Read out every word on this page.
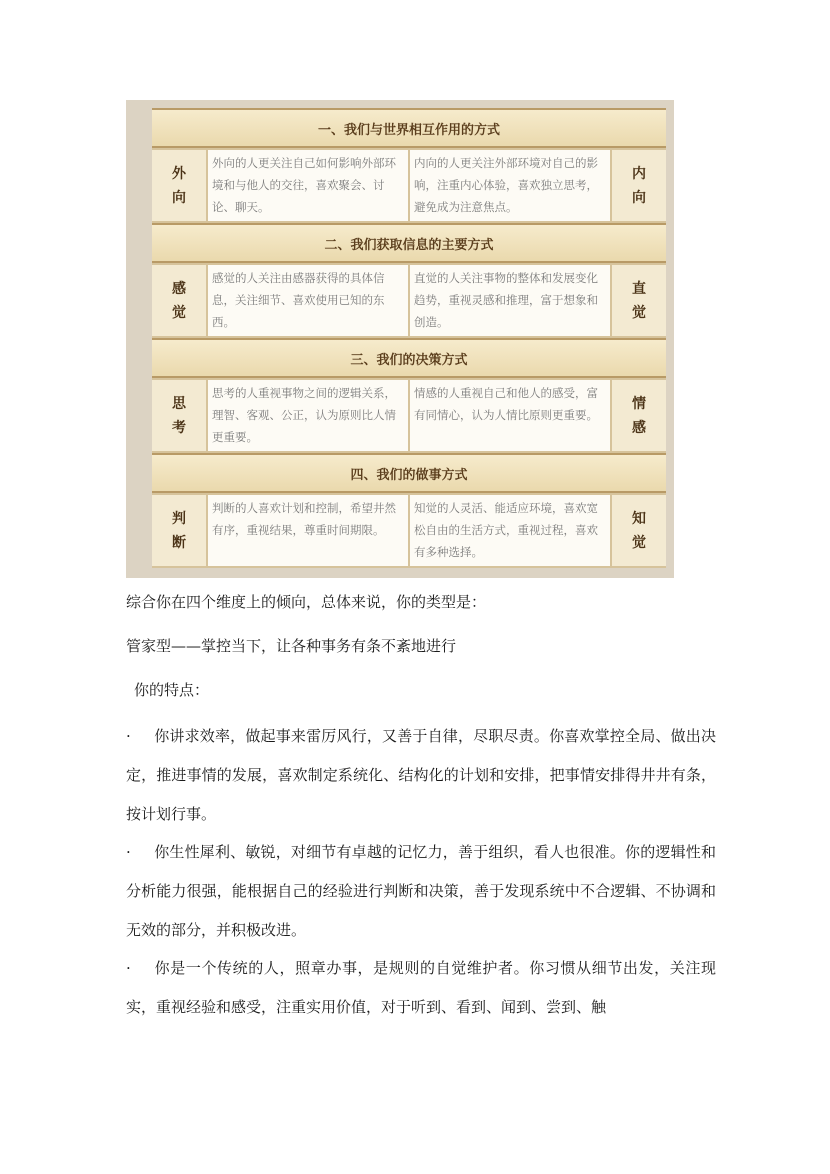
一、我们与世界相互作用的方式
外
向
外向的人更关注自己如何影响外部环境和与他人的交往，喜欢聚会、讨论、聊天。
内向的人更关注外部环境对自己的影响，注重内心体验，喜欢独立思考，避免成为注意焦点。
内
向
二、我们获取信息的主要方式
感
觉
感觉的人关注由感器获得的具体信息，关注细节、喜欢使用已知的东西。
直觉的人关注事物的整体和发展变化趋势，重视灵感和推理，富于想象和创造。
直
觉
三、我们的决策方式
思
考
思考的人重视事物之间的逻辑关系，理智、客观、公正，认为原则比人情更重要。
情感的人重视自己和他人的感受，富有同情心，认为人情比原则更重要。
情
感
四、我们的做事方式
判
断
判断的人喜欢计划和控制，希望井然有序，重视结果，尊重时间期限。
知觉的人灵活、能适应环境，喜欢宽松自由的生活方式，重视过程，喜欢有多种选择。
知
觉
综合你在四个维度上的倾向，总体来说，你的类型是：
管家型——掌控当下，让各种事务有条不紊地进行
你的特点：
· 你讲求效率，做起事来雷厉风行，又善于自律，尽职尽责。你喜欢掌控全局、做出决定，推进事情的发展，喜欢制定系统化、结构化的计划和安排，把事情安排得井井有条，按计划行事。
· 你生性犀利、敏锐，对细节有卓越的记忆力，善于组织，看人也很准。你的逻辑性和分析能力很强，能根据自己的经验进行判断和决策，善于发现系统中不合逻辑、不协调和无效的部分，并积极改进。
· 你是一个传统的人，照章办事，是规则的自觉维护者。你习惯从细节出发，关注现实，重视经验和感受，注重实用价值，对于听到、看到、闻到、尝到、触
